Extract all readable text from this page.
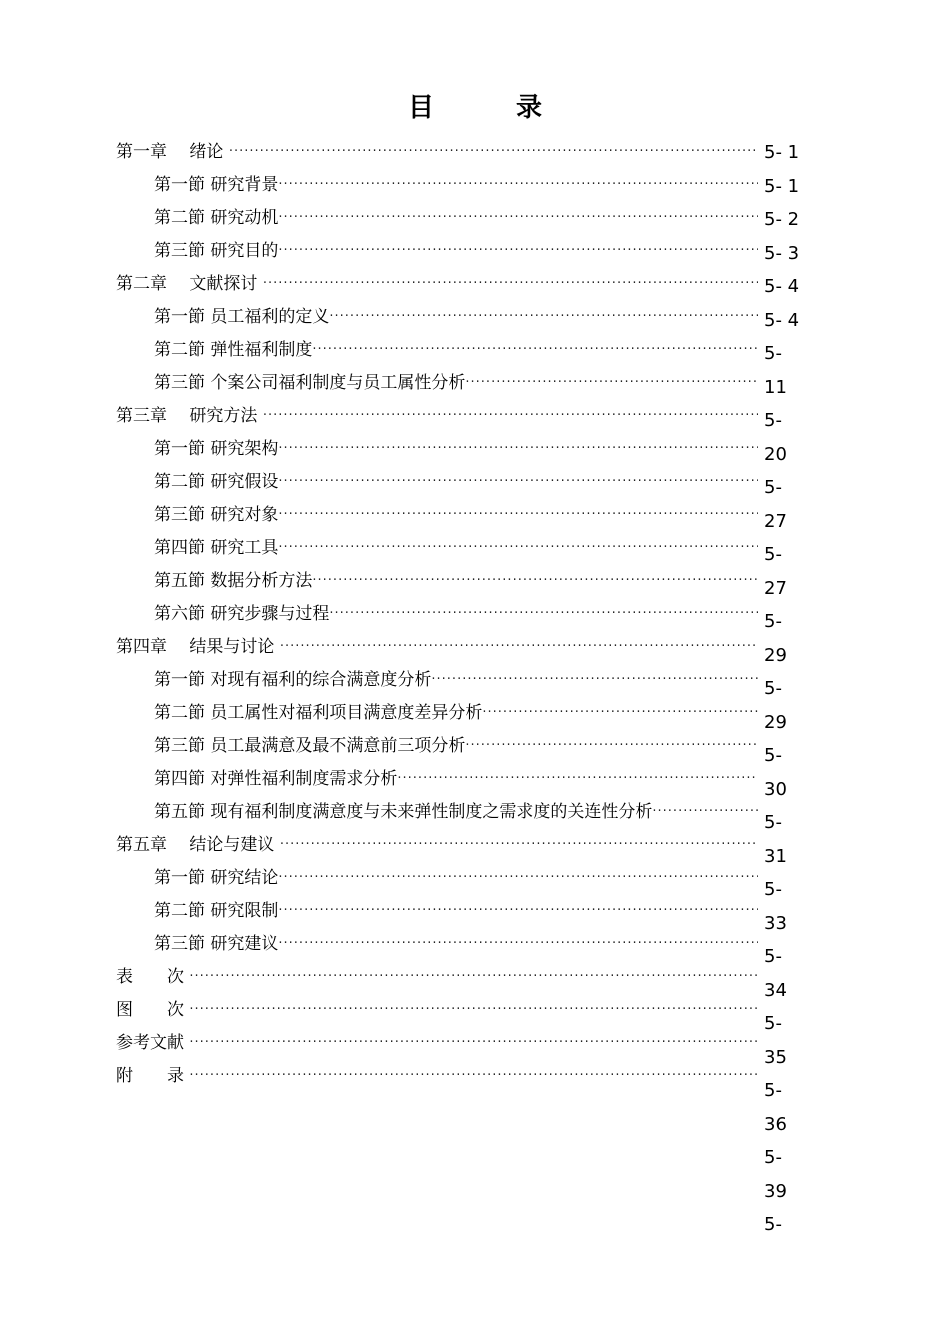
目　录
第一章　 绪论
·····
第一節 研究背景
·····
第二節 研究动机
·····
第三節 研究目的
·····
第二章　 文献探讨
·····
第一節 员工福利的定义
·····
第二節 弹性福利制度
·····
第三節 个案公司福利制度与员工属性分析
·····
第三章　 研究方法
·····
第一節 研究架构
·····
第二節 研究假设
·····
第三節 研究对象
·····
第四節 研究工具
·····
第五節 数据分析方法
·····
第六節 研究步骤与过程
·····
第四章　 结果与讨论
·····
第一節 对现有福利的综合满意度分析
·····
第二節 员工属性对福利项目满意度差异分析
·····
第三節 员工最满意及最不满意前三项分析
·····
第四節 对弹性福利制度需求分析
·····
第五節 现有福利制度满意度与未来弹性制度之需求度的关连性分析
·····
第五章　 结论与建议
·····
第一節 研究结论
·····
第二節 研究限制
·····
第三節 研究建议
·····
表　　次
·····
图　　次
·····
参考文献
·····
附　　录
·····
5- 1
5- 1
5- 2
5- 3
5- 4
5- 4
5-
11
5-
20
5-
27
5-
27
5-
29
5-
29
5-
30
5-
31
5-
33
5-
34
5-
35
5-
36
5-
39
5-
